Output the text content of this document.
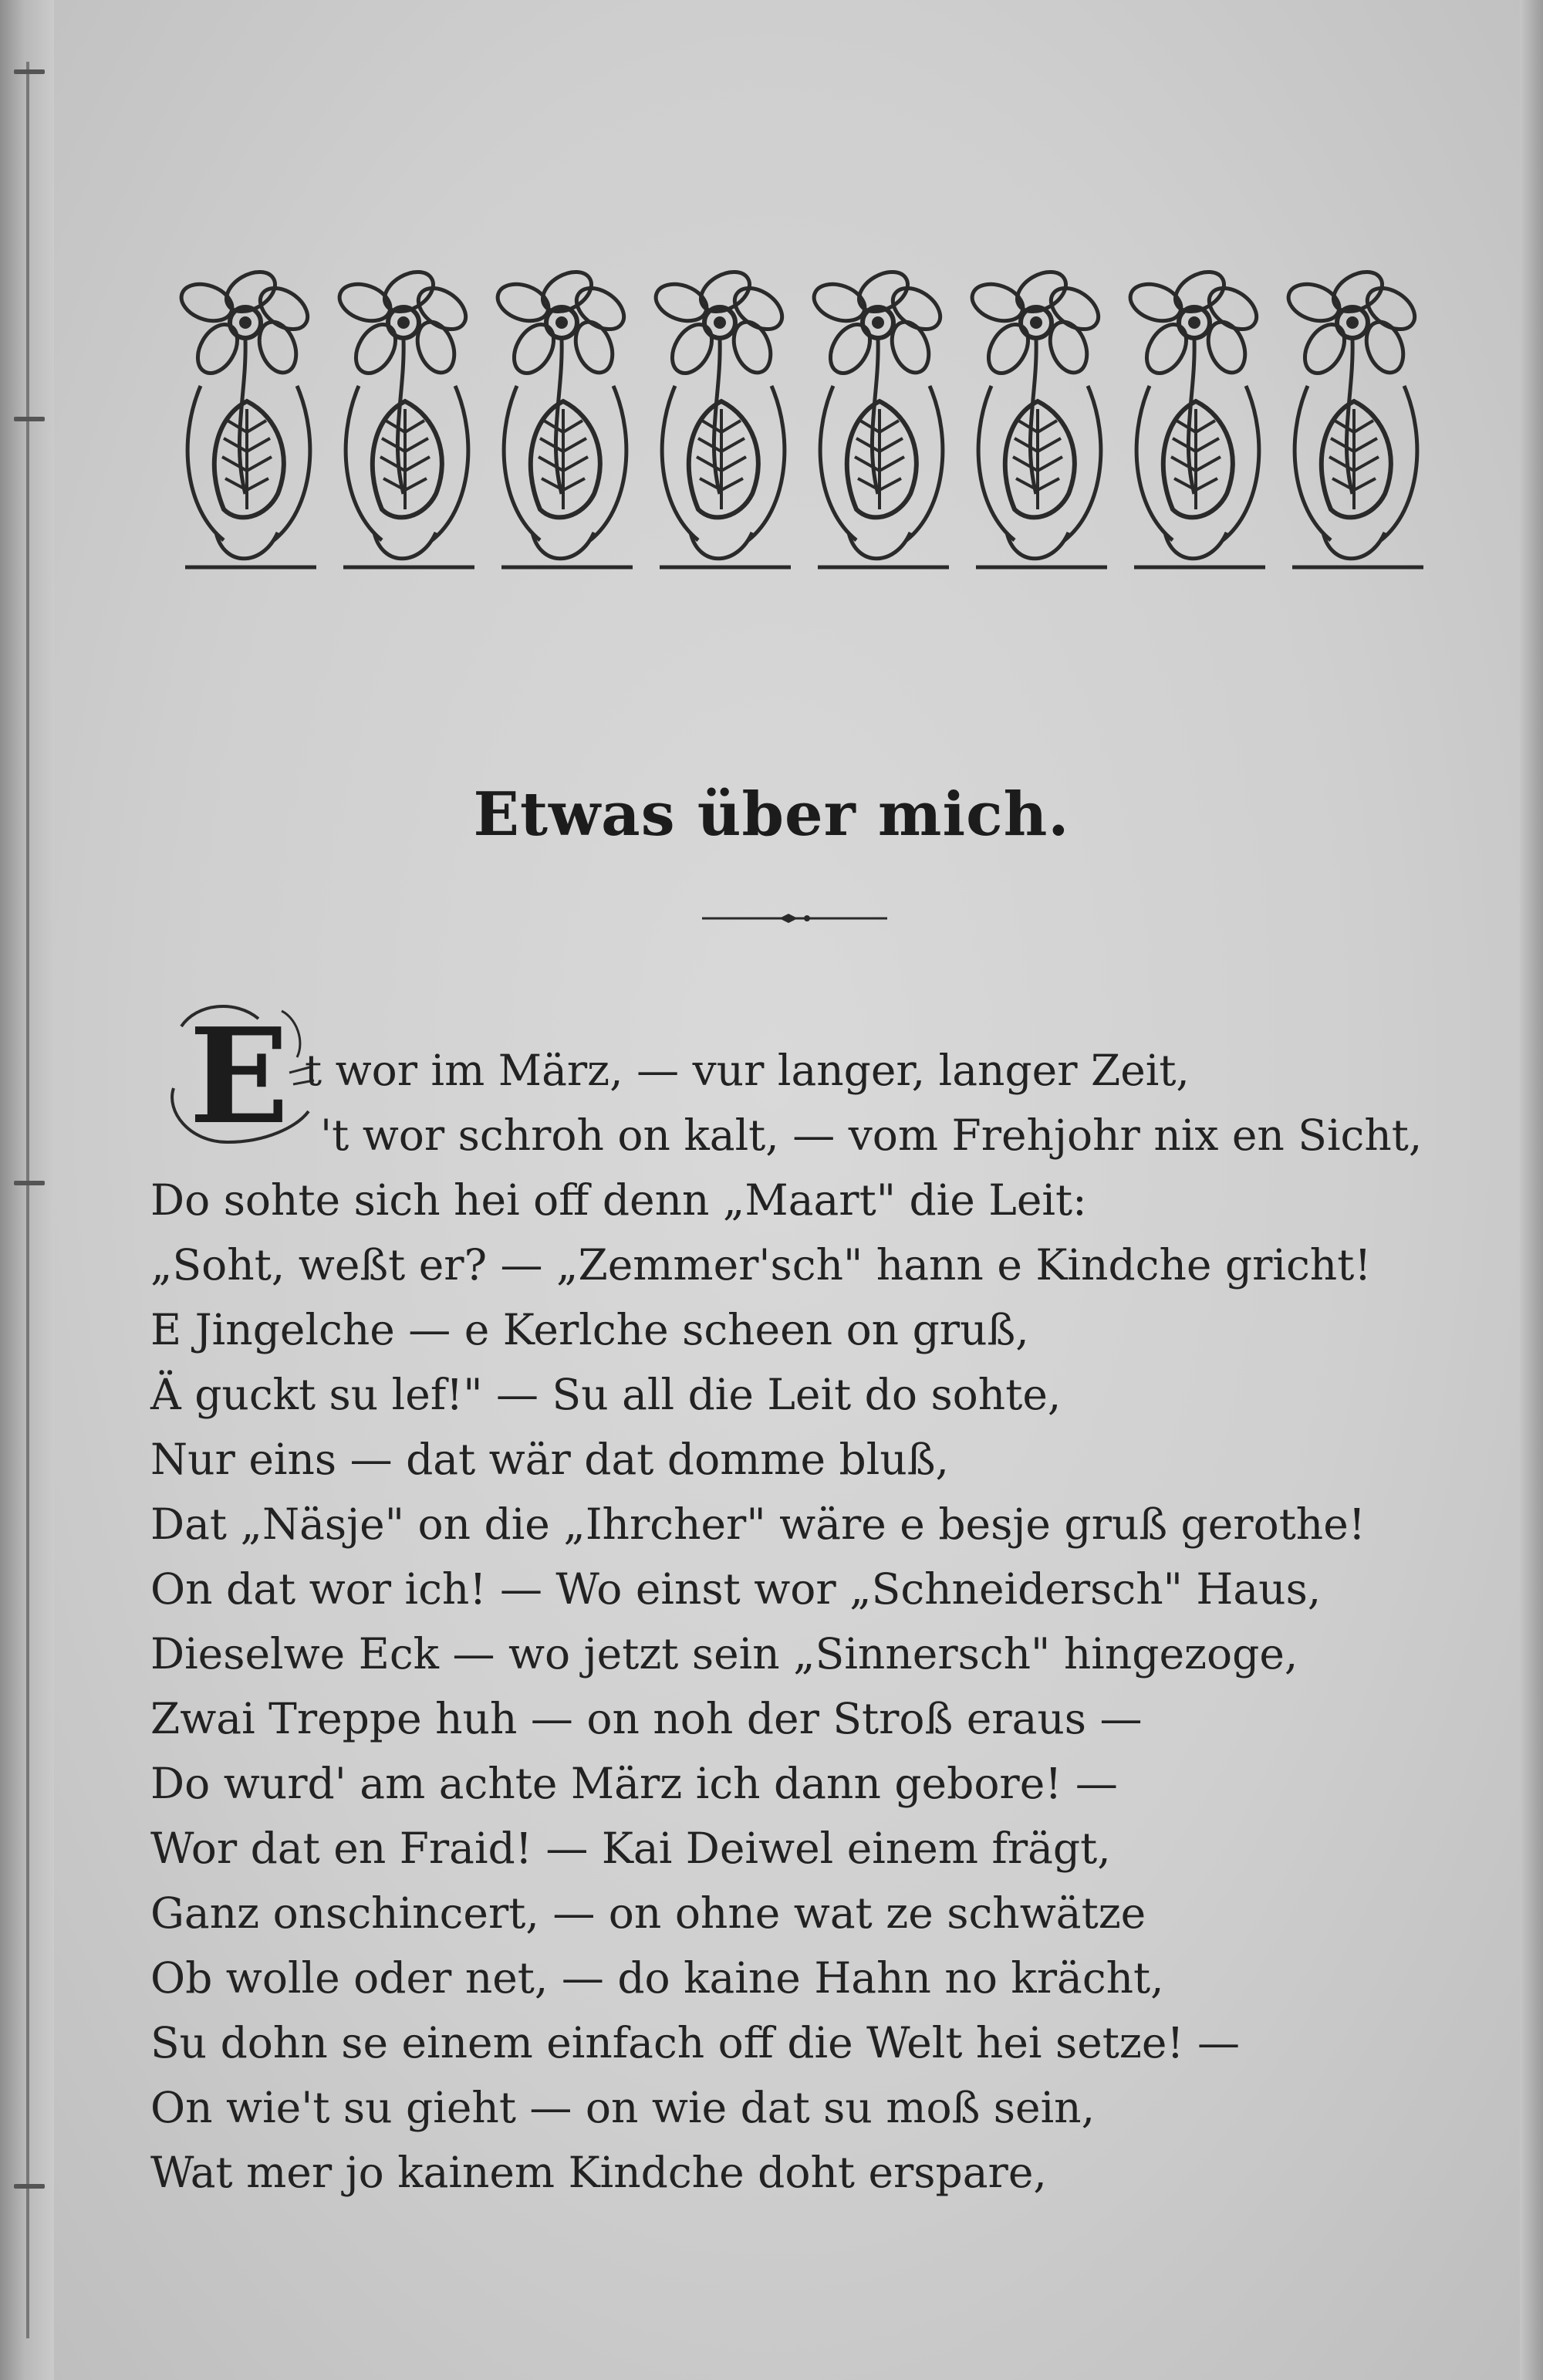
Etwas über mich.
E t wor im März, — vur langer, langer Zeit,
't wor schroh on kalt, — vom Frehjohr nix en Sicht,
Do sohte sich hei off denn „Maart" die Leit:
„Soht, weßt er? — „Zemmer'sch" hann e Kindche gricht!
E Jingelche — e Kerlche scheen on gruß,
Ä guckt su lef!" — Su all die Leit do sohte,
Nur eins — dat wär dat domme bluß,
Dat „Näsje" on die „Ihrcher" wäre e besje gruß gerothe!
On dat wor ich! — Wo einst wor „Schneidersch" Haus,
Dieselwe Eck — wo jetzt sein „Sinnersch" hingezoge,
Zwai Treppe huh — on noh der Stroß eraus —
Do wurd' am achte März ich dann gebore! —
Wor dat en Fraid! — Kai Deiwel einem frägt,
Ganz onschincert, — on ohne wat ze schwätze
Ob wolle oder net, — do kaine Hahn no krächt,
Su dohn se einem einfach off die Welt hei setze! —
On wie't su gieht — on wie dat su moß sein,
Wat mer jo kainem Kindche doht erspare,
